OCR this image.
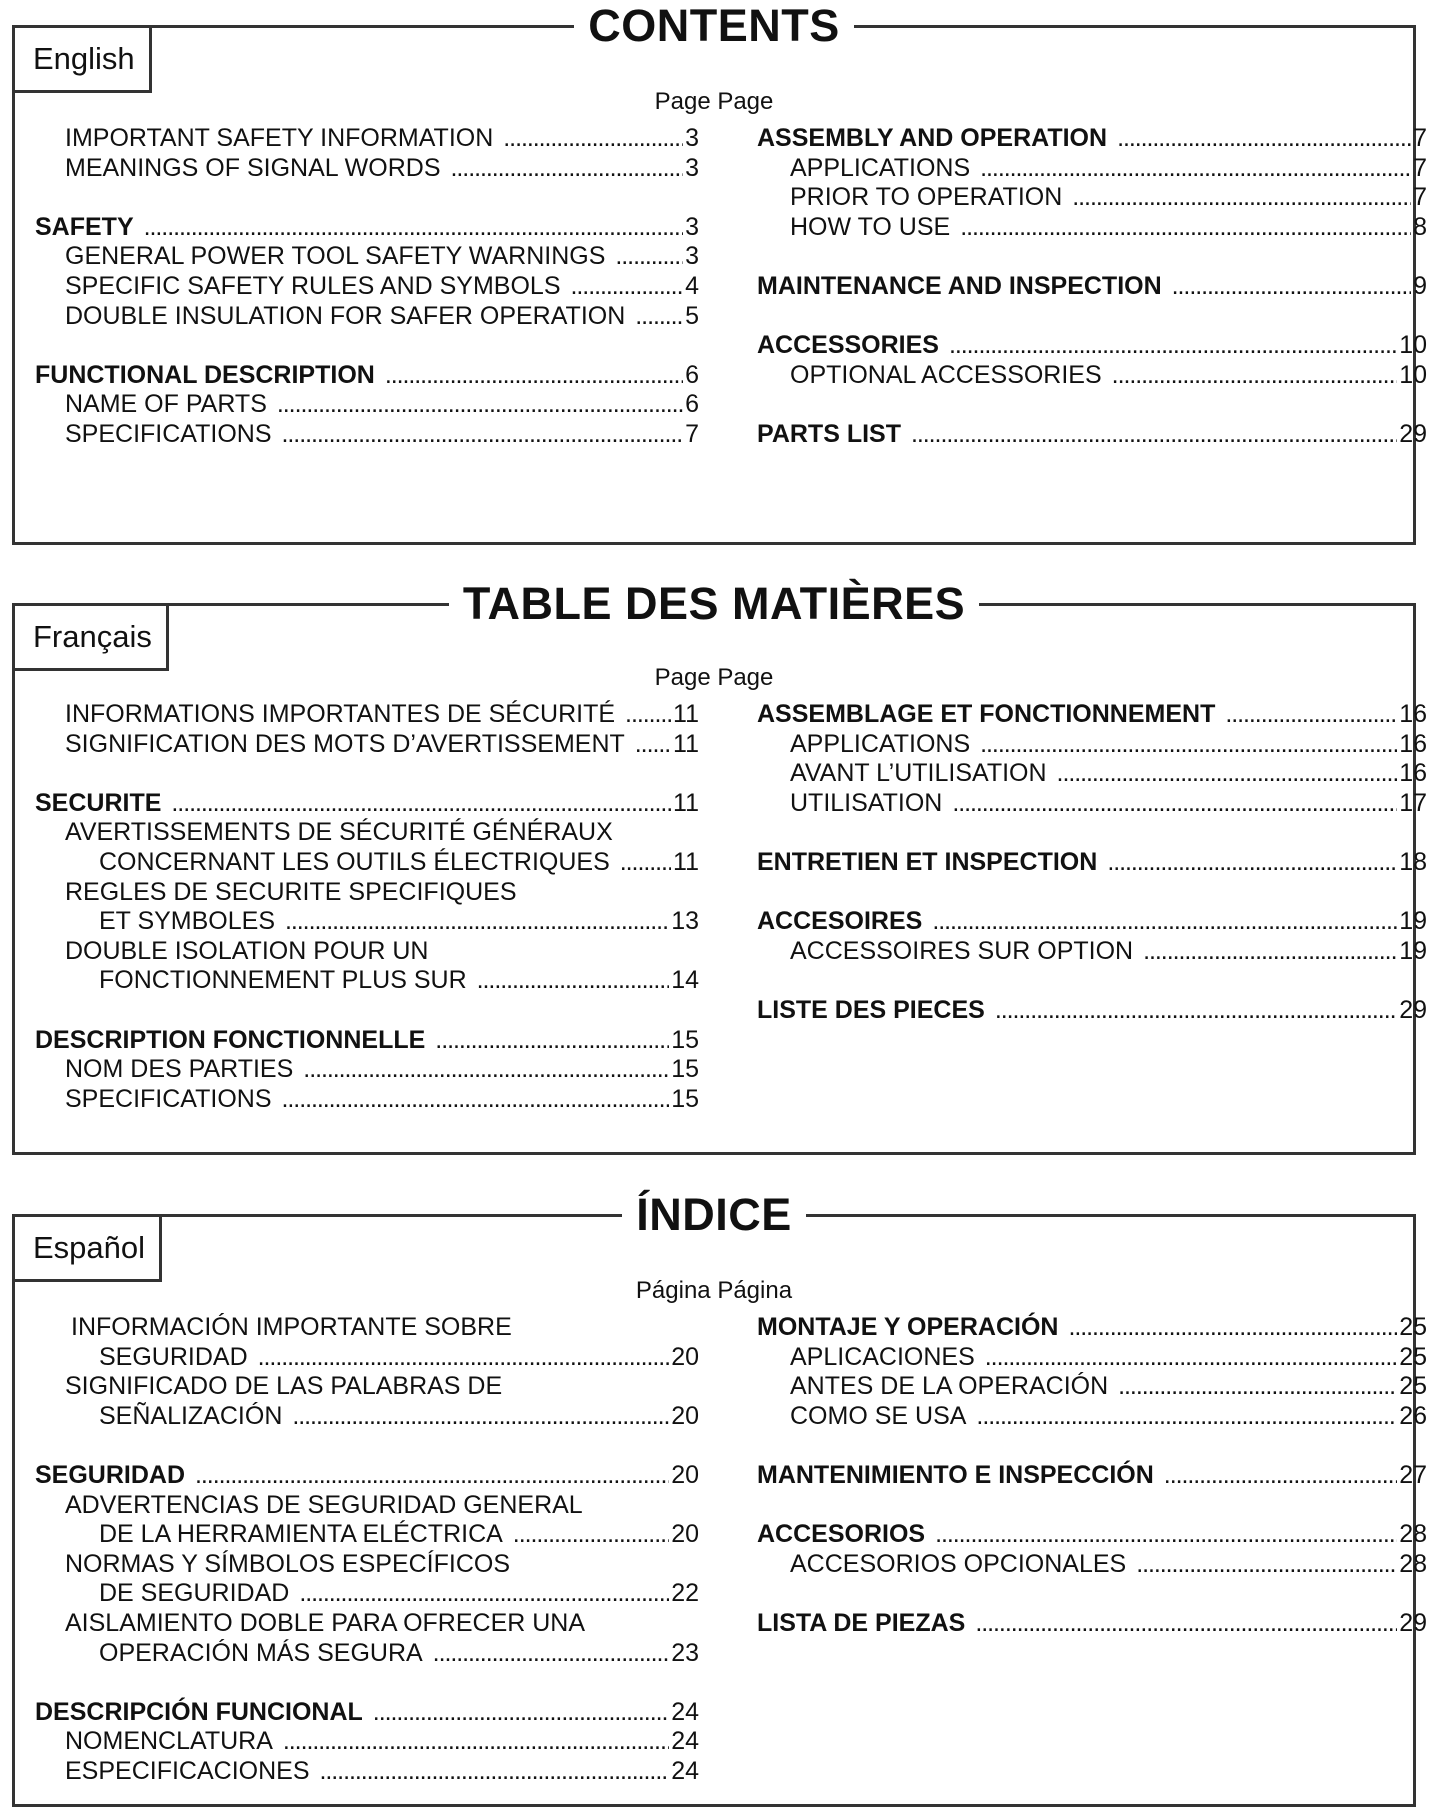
CONTENTS
English
Page Page
IMPORTANT SAFETY INFORMATION . . .	3
MEANINGS OF SIGNAL WORDS . . .	3
SAFETY . . .	3
GENERAL POWER TOOL SAFETY WARNINGS . . .	3
SPECIFIC SAFETY RULES AND SYMBOLS . . .	4
DOUBLE INSULATION FOR SAFER OPERATION . . . 5
FUNCTIONAL DESCRIPTION . . .	6
NAME OF PARTS . . .	6
SPECIFICATIONS . . .	7
ASSEMBLY AND OPERATION . . .	7
APPLICATIONS . . .	7
PRIOR TO OPERATION . . .	7
HOW TO USE . . .	8
MAINTENANCE AND INSPECTION . . .	9
ACCESSORIES . . .	10
OPTIONAL ACCESSORIES . . .	10
PARTS LIST . . .	29
TABLE DES MATIÈRES
Français
Page Page
INFORMATIONS IMPORTANTES DE SÉCURITÉ . . . 11
SIGNIFICATION DES MOTS D’AVERTISSEMENT . . . 11
SECURITE . . .	11
AVERTISSEMENTS DE SÉCURITÉ GÉNÉRAUX
CONCERNANT LES OUTILS ÉLECTRIQUES . . .	11
REGLES DE SECURITE SPECIFIQUES
ET SYMBOLES . . .	13
DOUBLE ISOLATION POUR UN
FONCTIONNEMENT PLUS SUR . . .	14
DESCRIPTION FONCTIONNELLE . . .	15
NOM DES PARTIES . . .	15
SPECIFICATIONS . . .	15
ASSEMBLAGE ET FONCTIONNEMENT . . .	16
APPLICATIONS . . .	16
AVANT L’UTILISATION . . .	16
UTILISATION . . .	17
ENTRETIEN ET INSPECTION . . .	18
ACCESOIRES . . .	19
ACCESSOIRES SUR OPTION . . .	19
LISTE DES PIECES . . .	29
ÍNDICE
Español
Página Página
INFORMACIÓN IMPORTANTE SOBRE
SEGURIDAD . . .	20
SIGNIFICADO DE LAS PALABRAS DE
SEÑALIZACIÓN . . .	20
SEGURIDAD . . .	20
ADVERTENCIAS DE SEGURIDAD GENERAL
DE LA HERRAMIENTA ELÉCTRICA . . .	20
NORMAS Y SÍMBOLOS ESPECÍFICOS
DE SEGURIDAD . . .	22
AISLAMIENTO DOBLE PARA OFRECER UNA
OPERACIÓN MÁS SEGURA . . .	23
DESCRIPCIÓN FUNCIONAL . . .	24
NOMENCLATURA . . .	24
ESPECIFICACIONES . . .	24
MONTAJE Y OPERACIÓN . . .	25
APLICACIONES . . .	25
ANTES DE LA OPERACIÓN . . .	25
COMO SE USA . . .	26
MANTENIMIENTO E INSPECCIÓN . . .	27
ACCESORIOS . . .	28
ACCESORIOS OPCIONALES . . .	28
LISTA DE PIEZAS . . .	29
